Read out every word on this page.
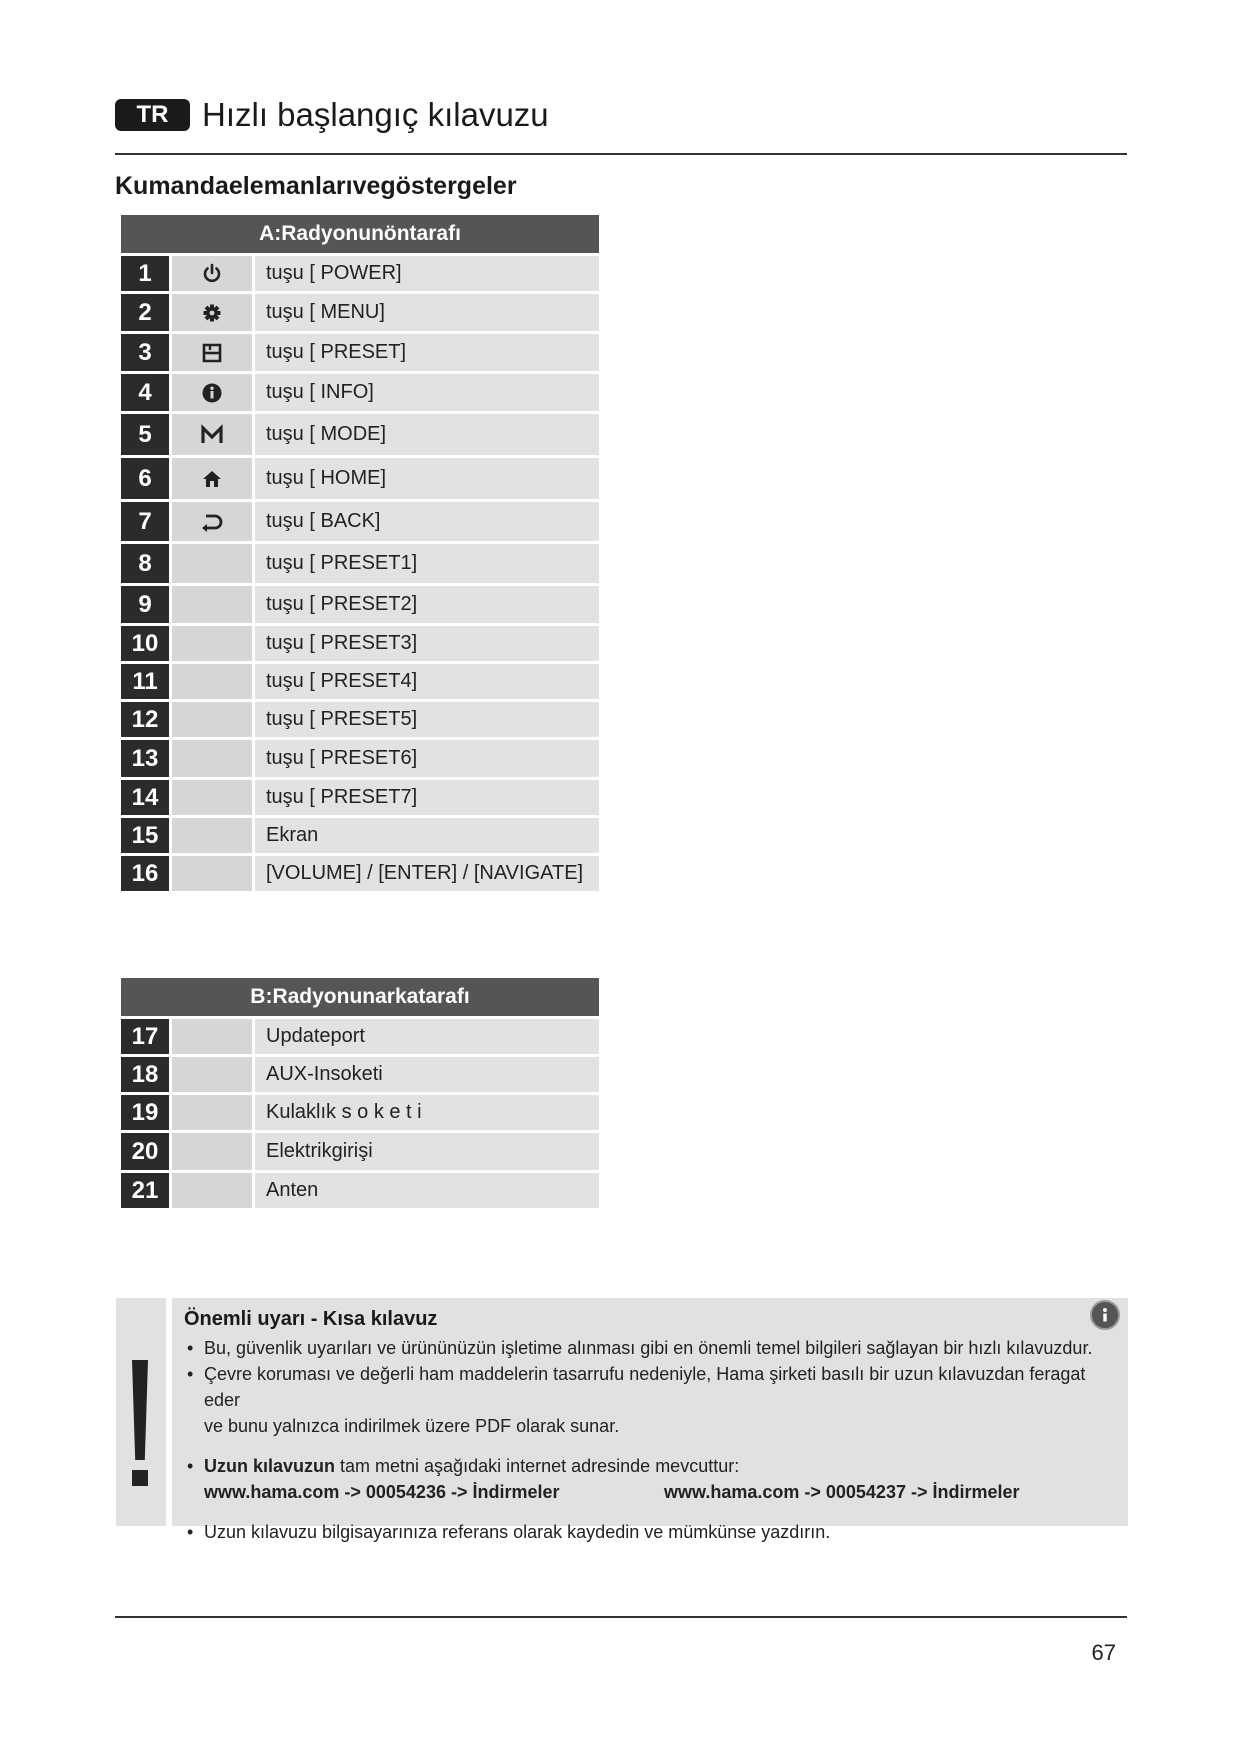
TR	Hızlı başlangıç kılavuzu
Kumandaelemanlarıvegöstergeler
A:Radyonunöntarafı		
1		tuşu [ POWER]
2		tuşu [ MENU]
3		tuşu [ PRESET]
4		tuşu [ INFO]
5		tuşu [ MODE]
6		tuşu [ HOME]
7		tuşu [ BACK]
8		tuşu [ PRESET1]
9		tuşu [ PRESET2]
10		tuşu [ PRESET3]
11		tuşu [ PRESET4]
12		tuşu [ PRESET5]
13		tuşu [ PRESET6]
14		tuşu [ PRESET7]
15		Ekran
16		[VOLUME] / [ENTER] / [NAVIGATE]
B:Radyonunarkatarafı		
17		Updateport
18		AUX-Insoketi
19		Kulaklık s o k e t i
20		Elektrikgirişi
21		Anten
Önemli uyarı - Kısa kılavuz
• Bu, güvenlik uyarıları ve ürününüzün işletime alınması gibi en önemli temel bilgileri sağlayan bir hızlı kılavuzdur.
• Çevre koruması ve değerli ham maddelerin tasarrufu nedeniyle, Hama şirketi basılı bir uzun kılavuzdan feragat eder
ve bunu yalnızca indirilmek üzere PDF olarak sunar.
• Uzun kılavuzun tam metni aşağıdaki internet adresinde mevcuttur:
www.hama.com -> 00054236 -> İndirmeler	www.hama.com -> 00054237 -> İndirmeler
• Uzun kılavuzu bilgisayarınıza referans olarak kaydedin ve mümkünse yazdırın.
67
